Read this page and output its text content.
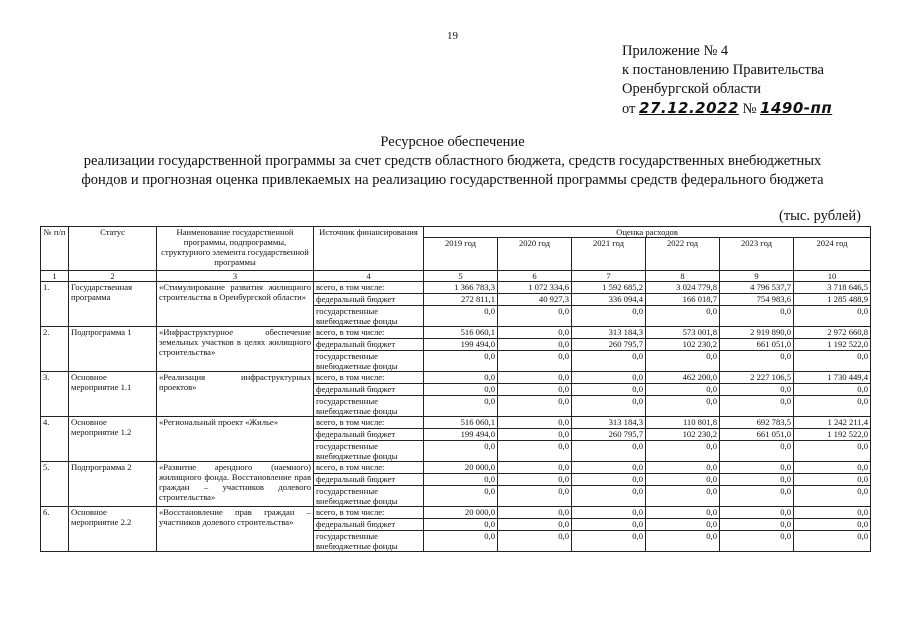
19
Приложение № 4
к постановлению Правительства
Оренбургской области
от 27.12.2022 № 1490-пп
Ресурсное обеспечение
реализации государственной программы за счет средств областного бюджета, средств государственных внебюджетных
фондов и прогнозная оценка привлекаемых на реализацию государственной программы средств федерального бюджета
(тыс. рублей)
№ п/п	Статус	Наименование государственной программы, подпрограммы, структурного элемента государственной программы	Источник финансирования	Оценка расходов					
				2019 год	2020 год	2021 год	2022 год	2023 год	2024 год
1	2	3	4	5	6	7	8	9	10
1.	Государственная программа	«Стимулирование развития жилищного строительства в Оренбургской области»	всего, в том числе:	1 366 783,3	1 072 334,6	1 592 685,2	3 024 779,8	4 796 537,7	3 718 646,5
			федеральный бюджет	272 811,1	40 927,3	336 094,4	166 018,7	754 983,6	1 285 488,9
			государственные внебюджетные фонды	0,0	0,0	0,0	0,0	0,0	0,0
2.	Подпрограмма 1	«Инфраструктурное обеспечение земельных участков в целях жилищного строительства»	всего, в том числе:	516 060,1	0,0	313 184,3	573 001,8	2 919 890,0	2 972 660,8
			федеральный бюджет	199 494,0	0,0	260 795,7	102 230,2	661 051,0	1 192 522,0
			государственные внебюджетные фонды	0,0	0,0	0,0	0,0	0,0	0,0
3.	Основное мероприятие 1.1	«Реализация инфраструктурных проектов»	всего, в том числе:	0,0	0,0	0,0	462 200,0	2 227 106,5	1 730 449,4
			федеральный бюджет	0,0	0,0	0,0	0,0	0,0	0,0
			государственные внебюджетные фонды	0,0	0,0	0,0	0,0	0,0	0,0
4.	Основное мероприятие 1.2	«Региональный проект «Жилье»	всего, в том числе:	516 060,1	0,0	313 184,3	110 801,8	692 783,5	1 242 211,4
			федеральный бюджет	199 494,0	0,0	260 795,7	102 230,2	661 051,0	1 192 522,0
			государственные внебюджетные фонды	0,0	0,0	0,0	0,0	0,0	0,0
5.	Подпрограмма 2	«Развитие арендного (наемного) жилищного фонда. Восстановление прав граждан – участников долевого строительства»	всего, в том числе:	20 000,0	0,0	0,0	0,0	0,0	0,0
			федеральный бюджет	0,0	0,0	0,0	0,0	0,0	0,0
			государственные внебюджетные фонды	0,0	0,0	0,0	0,0	0,0	0,0
6.	Основное мероприятие 2.2	«Восстановление прав граждан – участников долевого строительства»	всего, в том числе:	20 000,0	0,0	0,0	0,0	0,0	0,0
			федеральный бюджет	0,0	0,0	0,0	0,0	0,0	0,0
			государственные внебюджетные фонды	0,0	0,0	0,0	0,0	0,0	0,0
